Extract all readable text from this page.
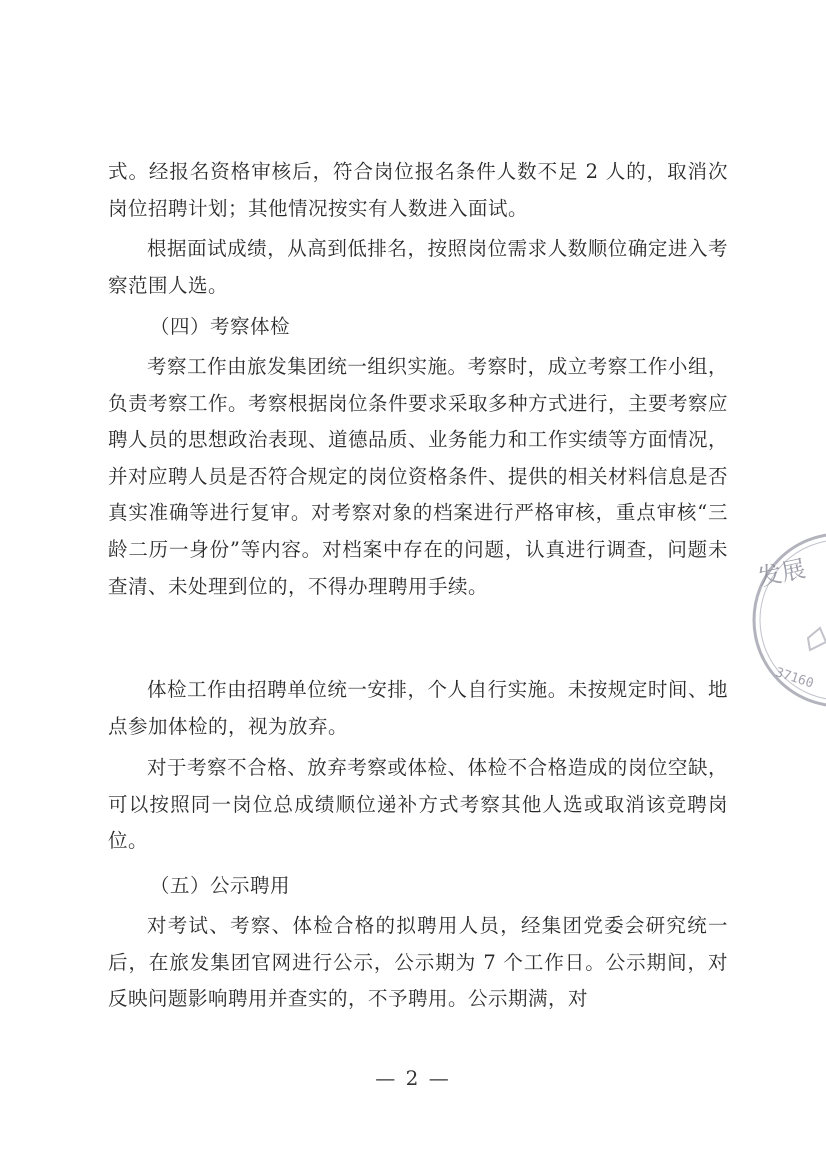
式。经报名资格审核后，符合岗位报名条件人数不足 2 人的，取消次岗位招聘计划；其他情况按实有人数进入面试。

根据面试成绩，从高到低排名，按照岗位需求人数顺位确定进入考察范围人选。

（四）考察体检

考察工作由旅发集团统一组织实施。考察时，成立考察工作小组，负责考察工作。考察根据岗位条件要求采取多种方式进行，主要考察应聘人员的思想政治表现、道德品质、业务能力和工作实绩等方面情况，并对应聘人员是否符合规定的岗位资格条件、提供的相关材料信息是否真实准确等进行复审。对考察对象的档案进行严格审核，重点审核“三龄二历一身份”等内容。对档案中存在的问题，认真进行调查，问题未查清、未处理到位的，不得办理聘用手续。

体检工作由招聘单位统一安排，个人自行实施。未按规定时间、地点参加体检的，视为放弃。

对于考察不合格、放弃考察或体检、体检不合格造成的岗位空缺，可以按照同一岗位总成绩顺位递补方式考察其他人选或取消该竞聘岗位。

（五）公示聘用

对考试、考察、体检合格的拟聘用人员，经集团党委会研究统一后，在旅发集团官网进行公示，公示期为 7 个工作日。公示期间，对反映问题影响聘用并查实的，不予聘用。公示期满，对

— 2 —
发展
37160
